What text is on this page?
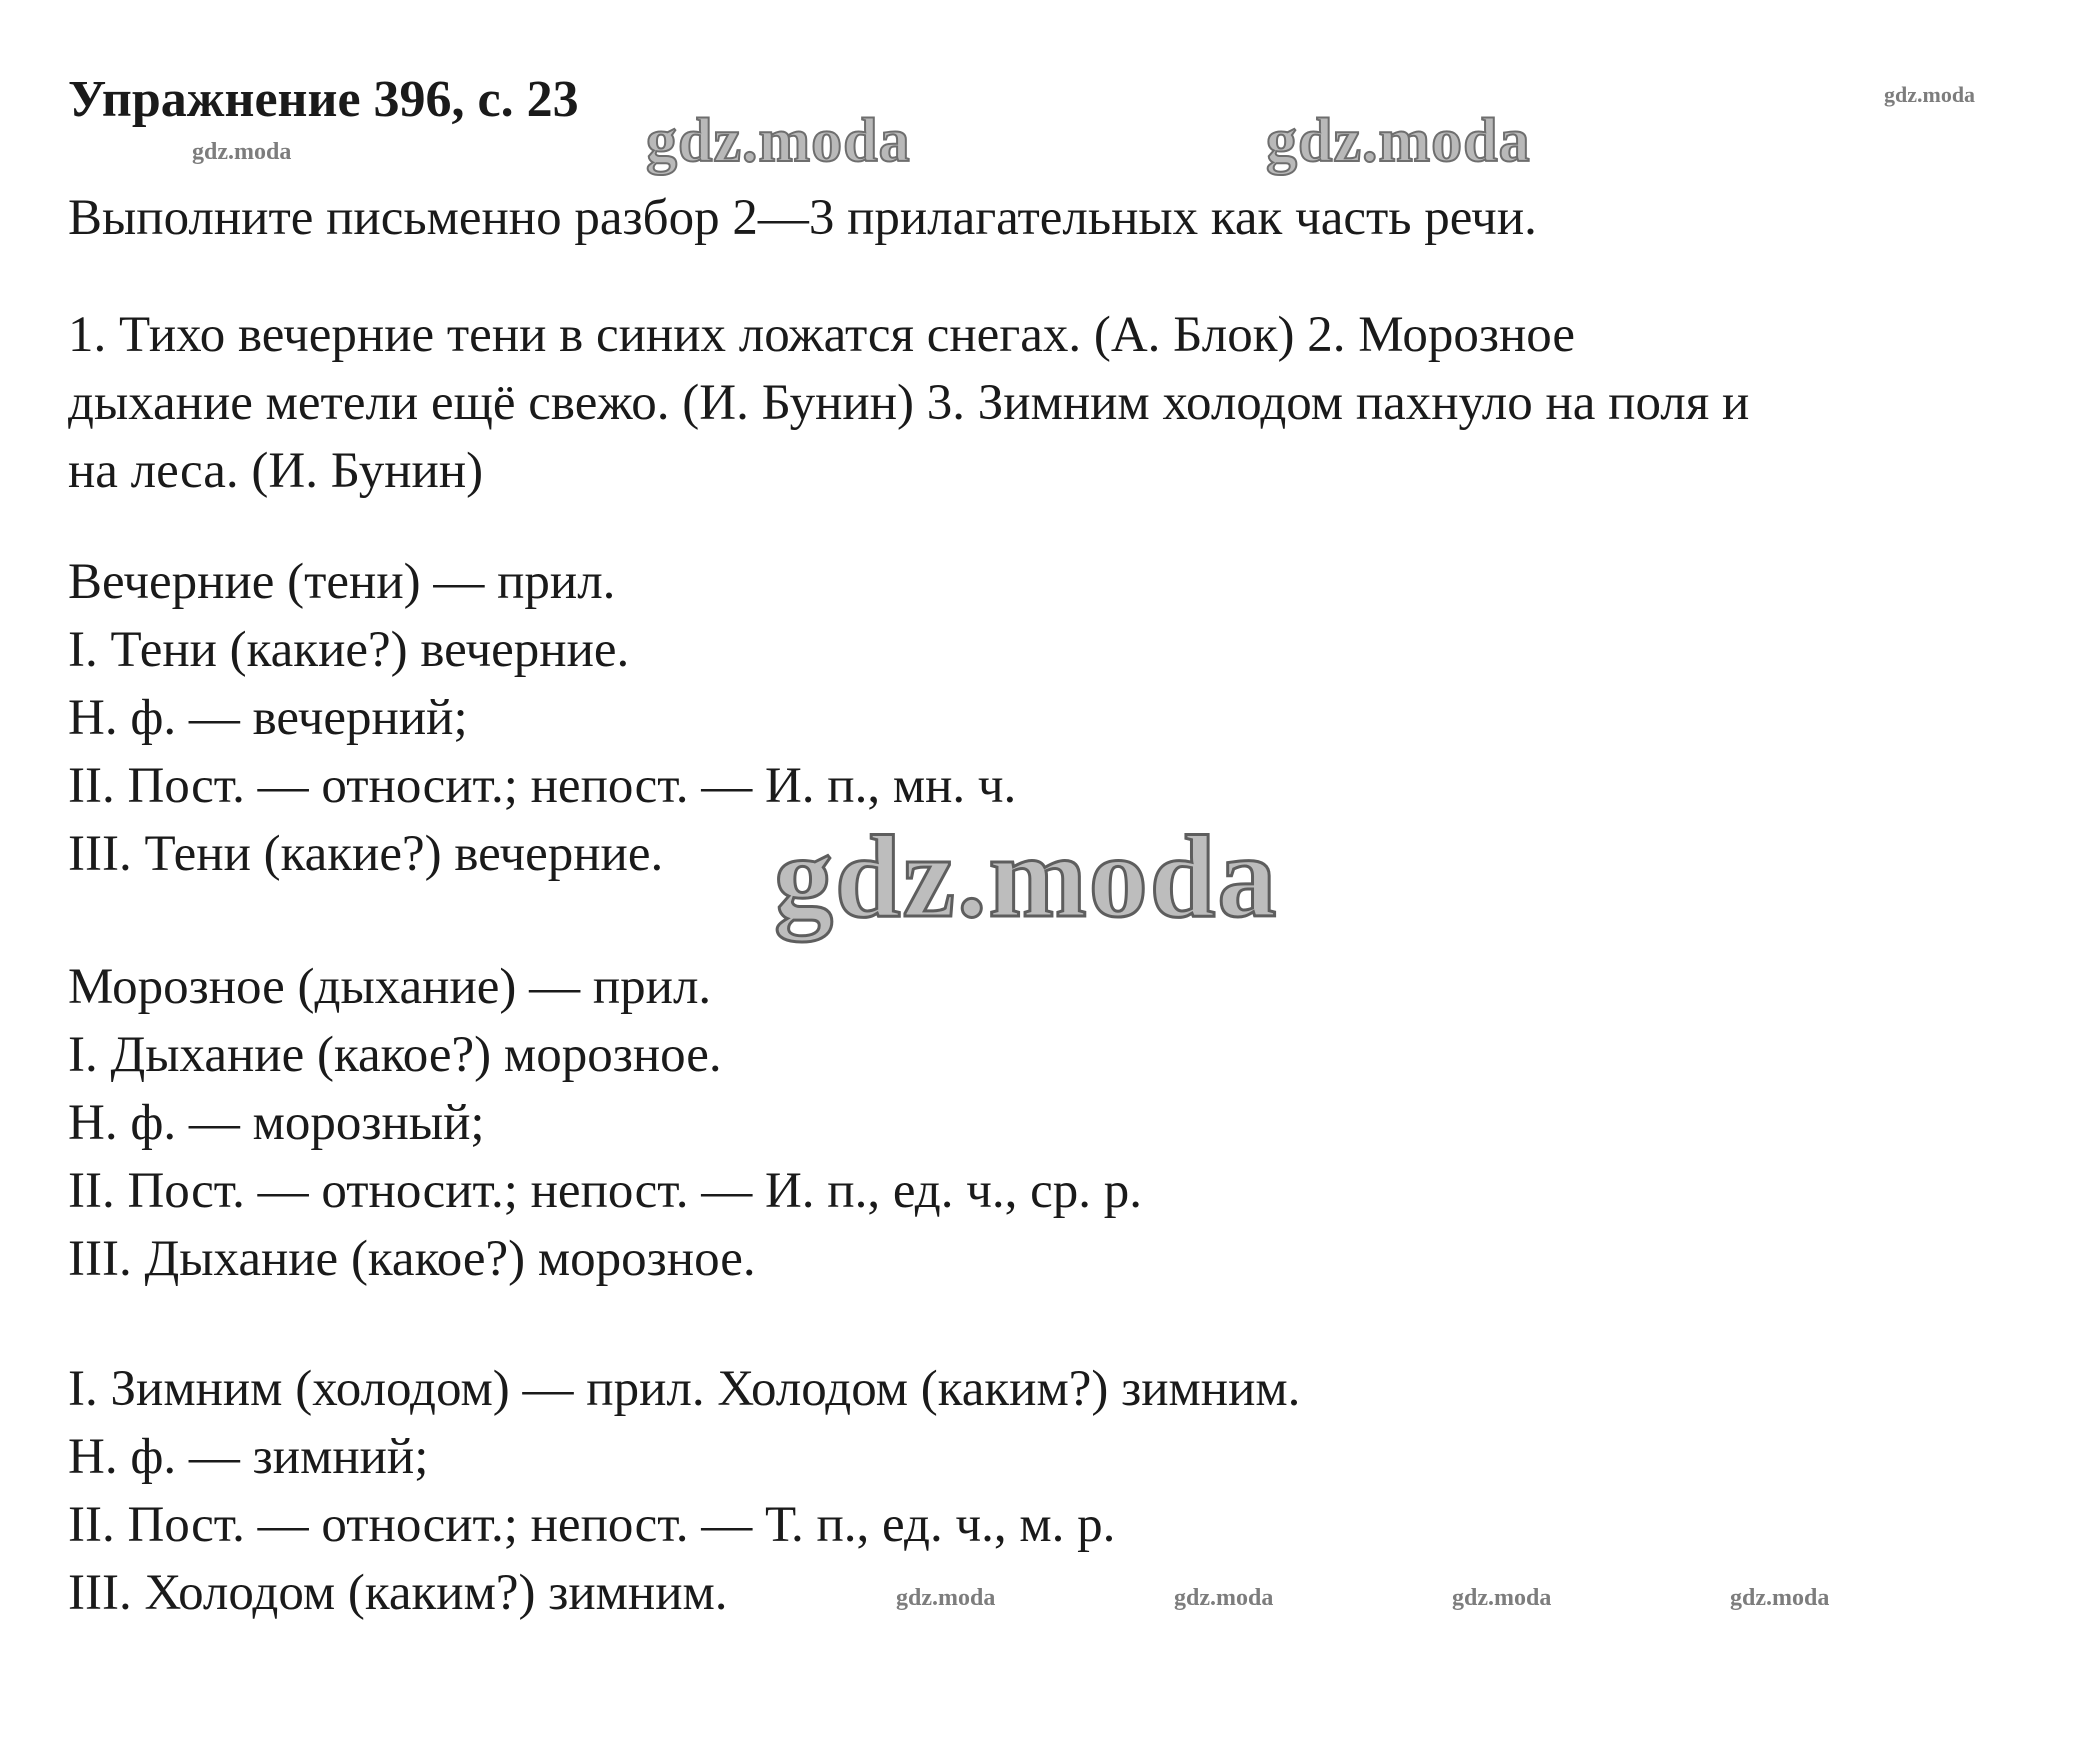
Упражнение 396, с. 23
gdz.moda	gdz.moda	gdz.moda
gdz.moda

Выполните письменно разбор 2—3 прилагательных как часть речи.

1. Тихо вечерние тени в синих ложатся снегах. (А. Блок) 2. Морозное
дыхание метели ещё свежо. (И. Бунин) 3. Зимним холодом пахнуло на поля и
на леса. (И. Бунин)

Вечерние (тени) — прил.

I. Тени (какие?) вечерние.

Н. ф. — вечерний;

II. Пост. — относит.; непост. — И. п., мн. ч.

III. Тени (какие?) вечерние. gdz.moda

Морозное (дыхание) — прил.

I. Дыхание (какое?) морозное.

Н. ф. — морозный;

II. Пост. — относит.; непост. — И. п., ед. ч., ср. р.

III. Дыхание (какое?) морозное.

I. Зимним (холодом) — прил. Холодом (каким?) зимним.

Н. ф. — зимний;

II. Пост. — относит.; непост. — Т. п., ед. ч., м. р.

III. Холодом (каким?) зимним.	gdz.moda	gdz.moda	gdz.moda	gdz.moda
